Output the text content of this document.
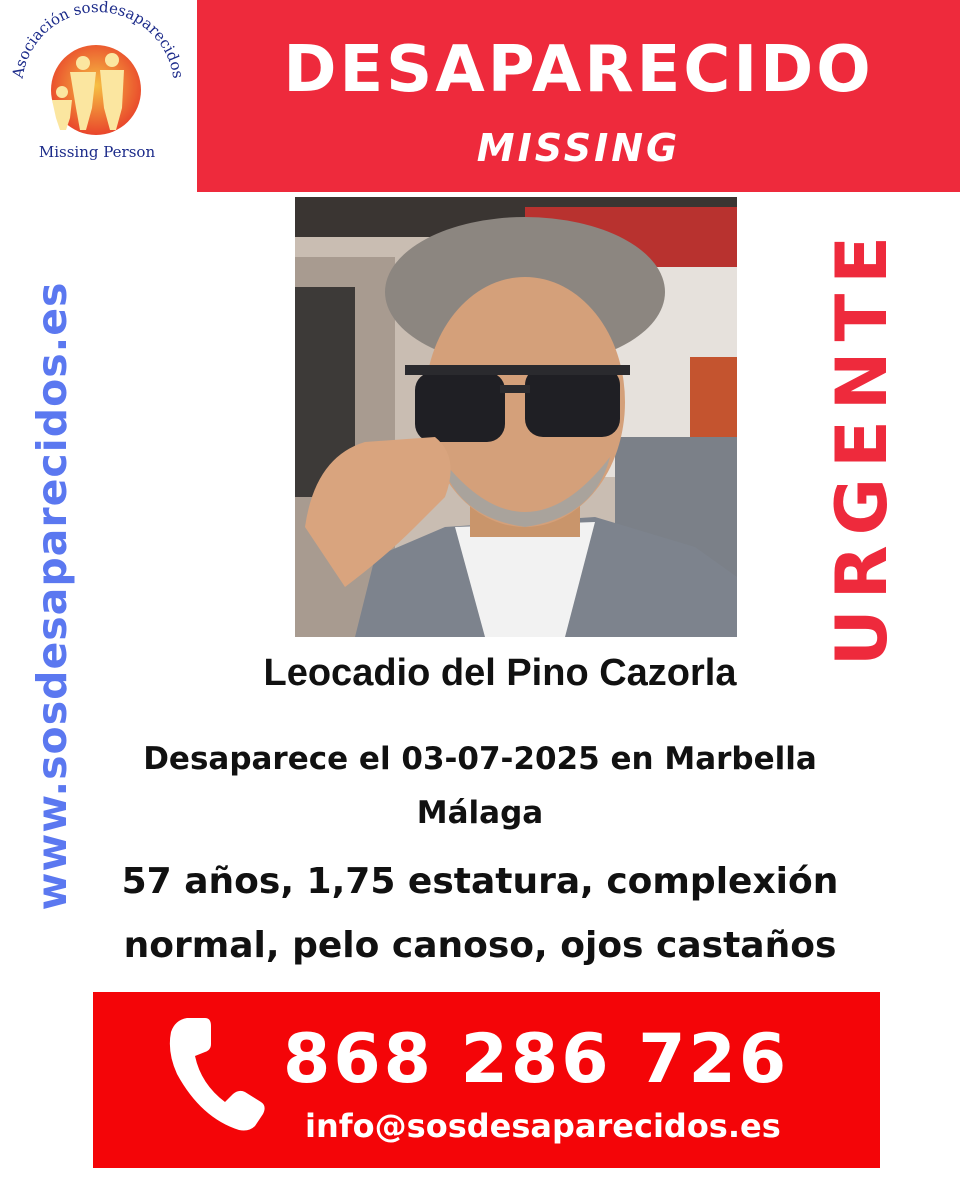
Asociación sosdesaparecidos
Missing Person
DESAPARECIDO
MISSING
www.sosdesaparecidos.es	URGENTE
Leocadio del Pino Cazorla
Desaparece el 03-07-2025 en Marbella
Málaga
57 años, 1,75 estatura, complexión
normal, pelo canoso, ojos castaños
868 286 726
info@sosdesaparecidos.es
